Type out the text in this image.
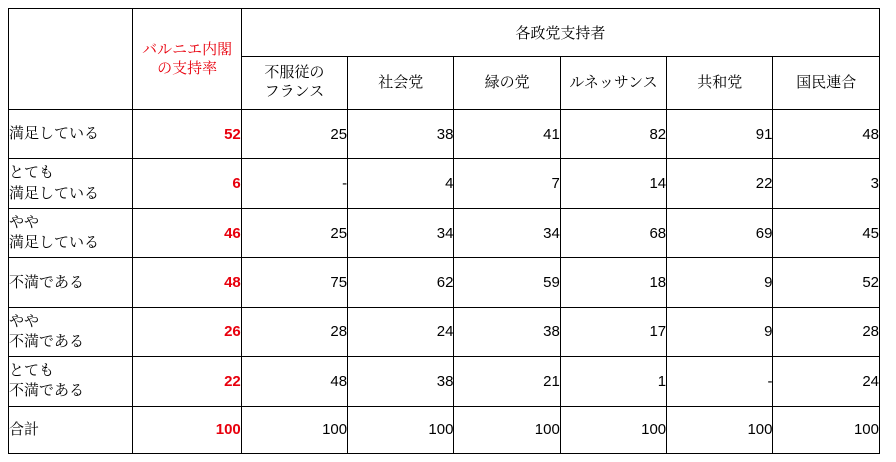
	バルニエ内閣
の支持率	各政党支持者					

		不服従の
フランス	社会党	緑の党	ルネッサンス	共和党	国民連合
満足している	52	25	38	41	82	91	48

とても
満足している	6	-	4	7	14	22	3

やや
満足している	46	25	34	34	68	69	45
不満である	48	75	62	59	18	9	52

やや
不満である	26	28	24	38	17	9	28

とても
不満である	22	48	38	21	1	-	24
合計	100	100	100	100	100	100	100
